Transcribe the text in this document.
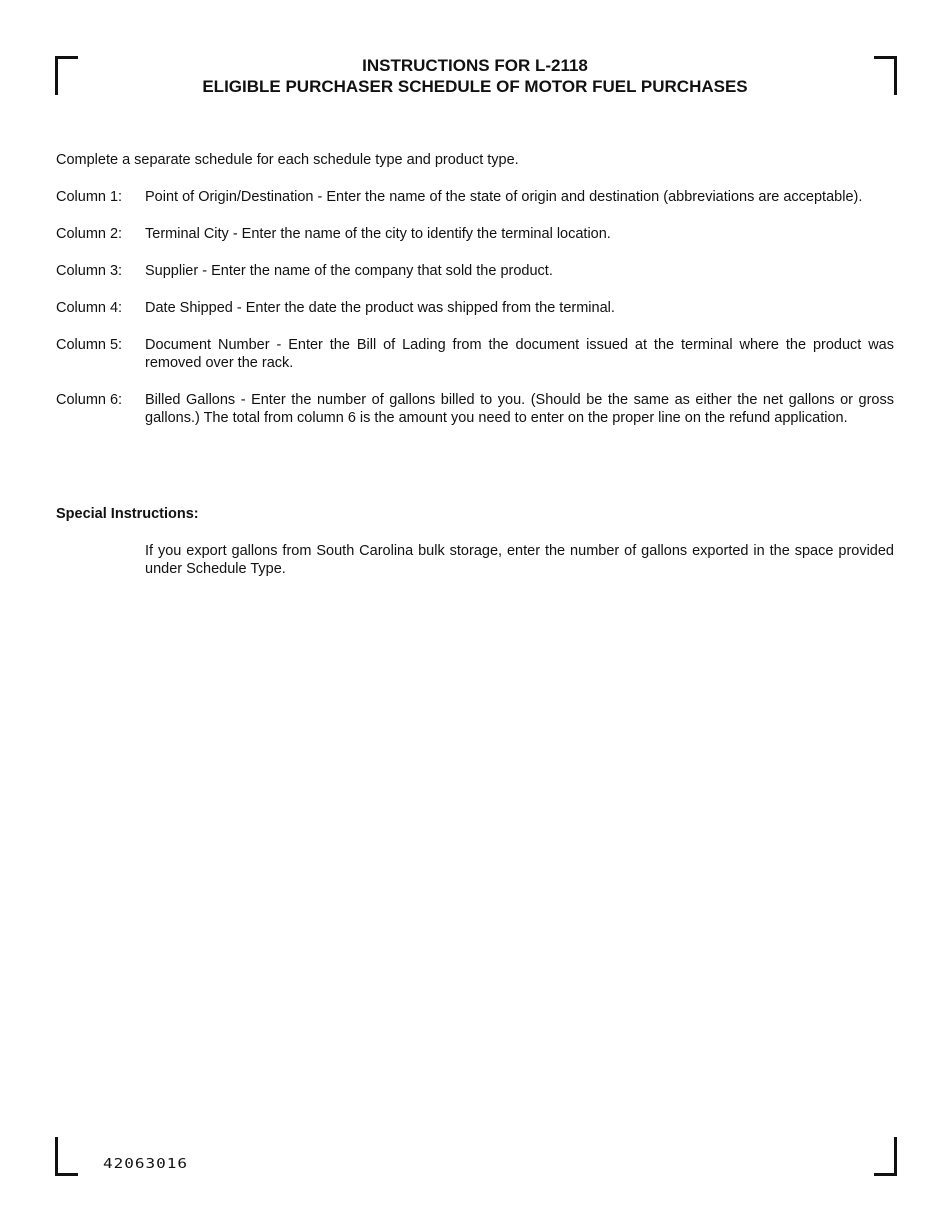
INSTRUCTIONS FOR L-2118
ELIGIBLE PURCHASER SCHEDULE OF MOTOR FUEL PURCHASES
Complete a separate schedule for each schedule type and product type.
Column 1:	Point of Origin/Destination - Enter the name of the state of origin and destination (abbreviations are acceptable).
Column 2:	Terminal City - Enter the name of the city to identify the terminal location.
Column 3:	Supplier - Enter the name of the company that sold the product.
Column 4:	Date Shipped - Enter the date the product was shipped from the terminal.
Column 5:	Document Number - Enter the Bill of Lading from the document issued at the terminal where the product was removed over the rack.
Column 6:	Billed Gallons - Enter the number of gallons billed to you. (Should be the same as either the net gallons or gross gallons.) The total from column 6 is the amount you need to enter on the proper line on the refund application.
Special Instructions:
If you export gallons from South Carolina bulk storage, enter the number of gallons exported in the space provided under Schedule Type.
42063016
